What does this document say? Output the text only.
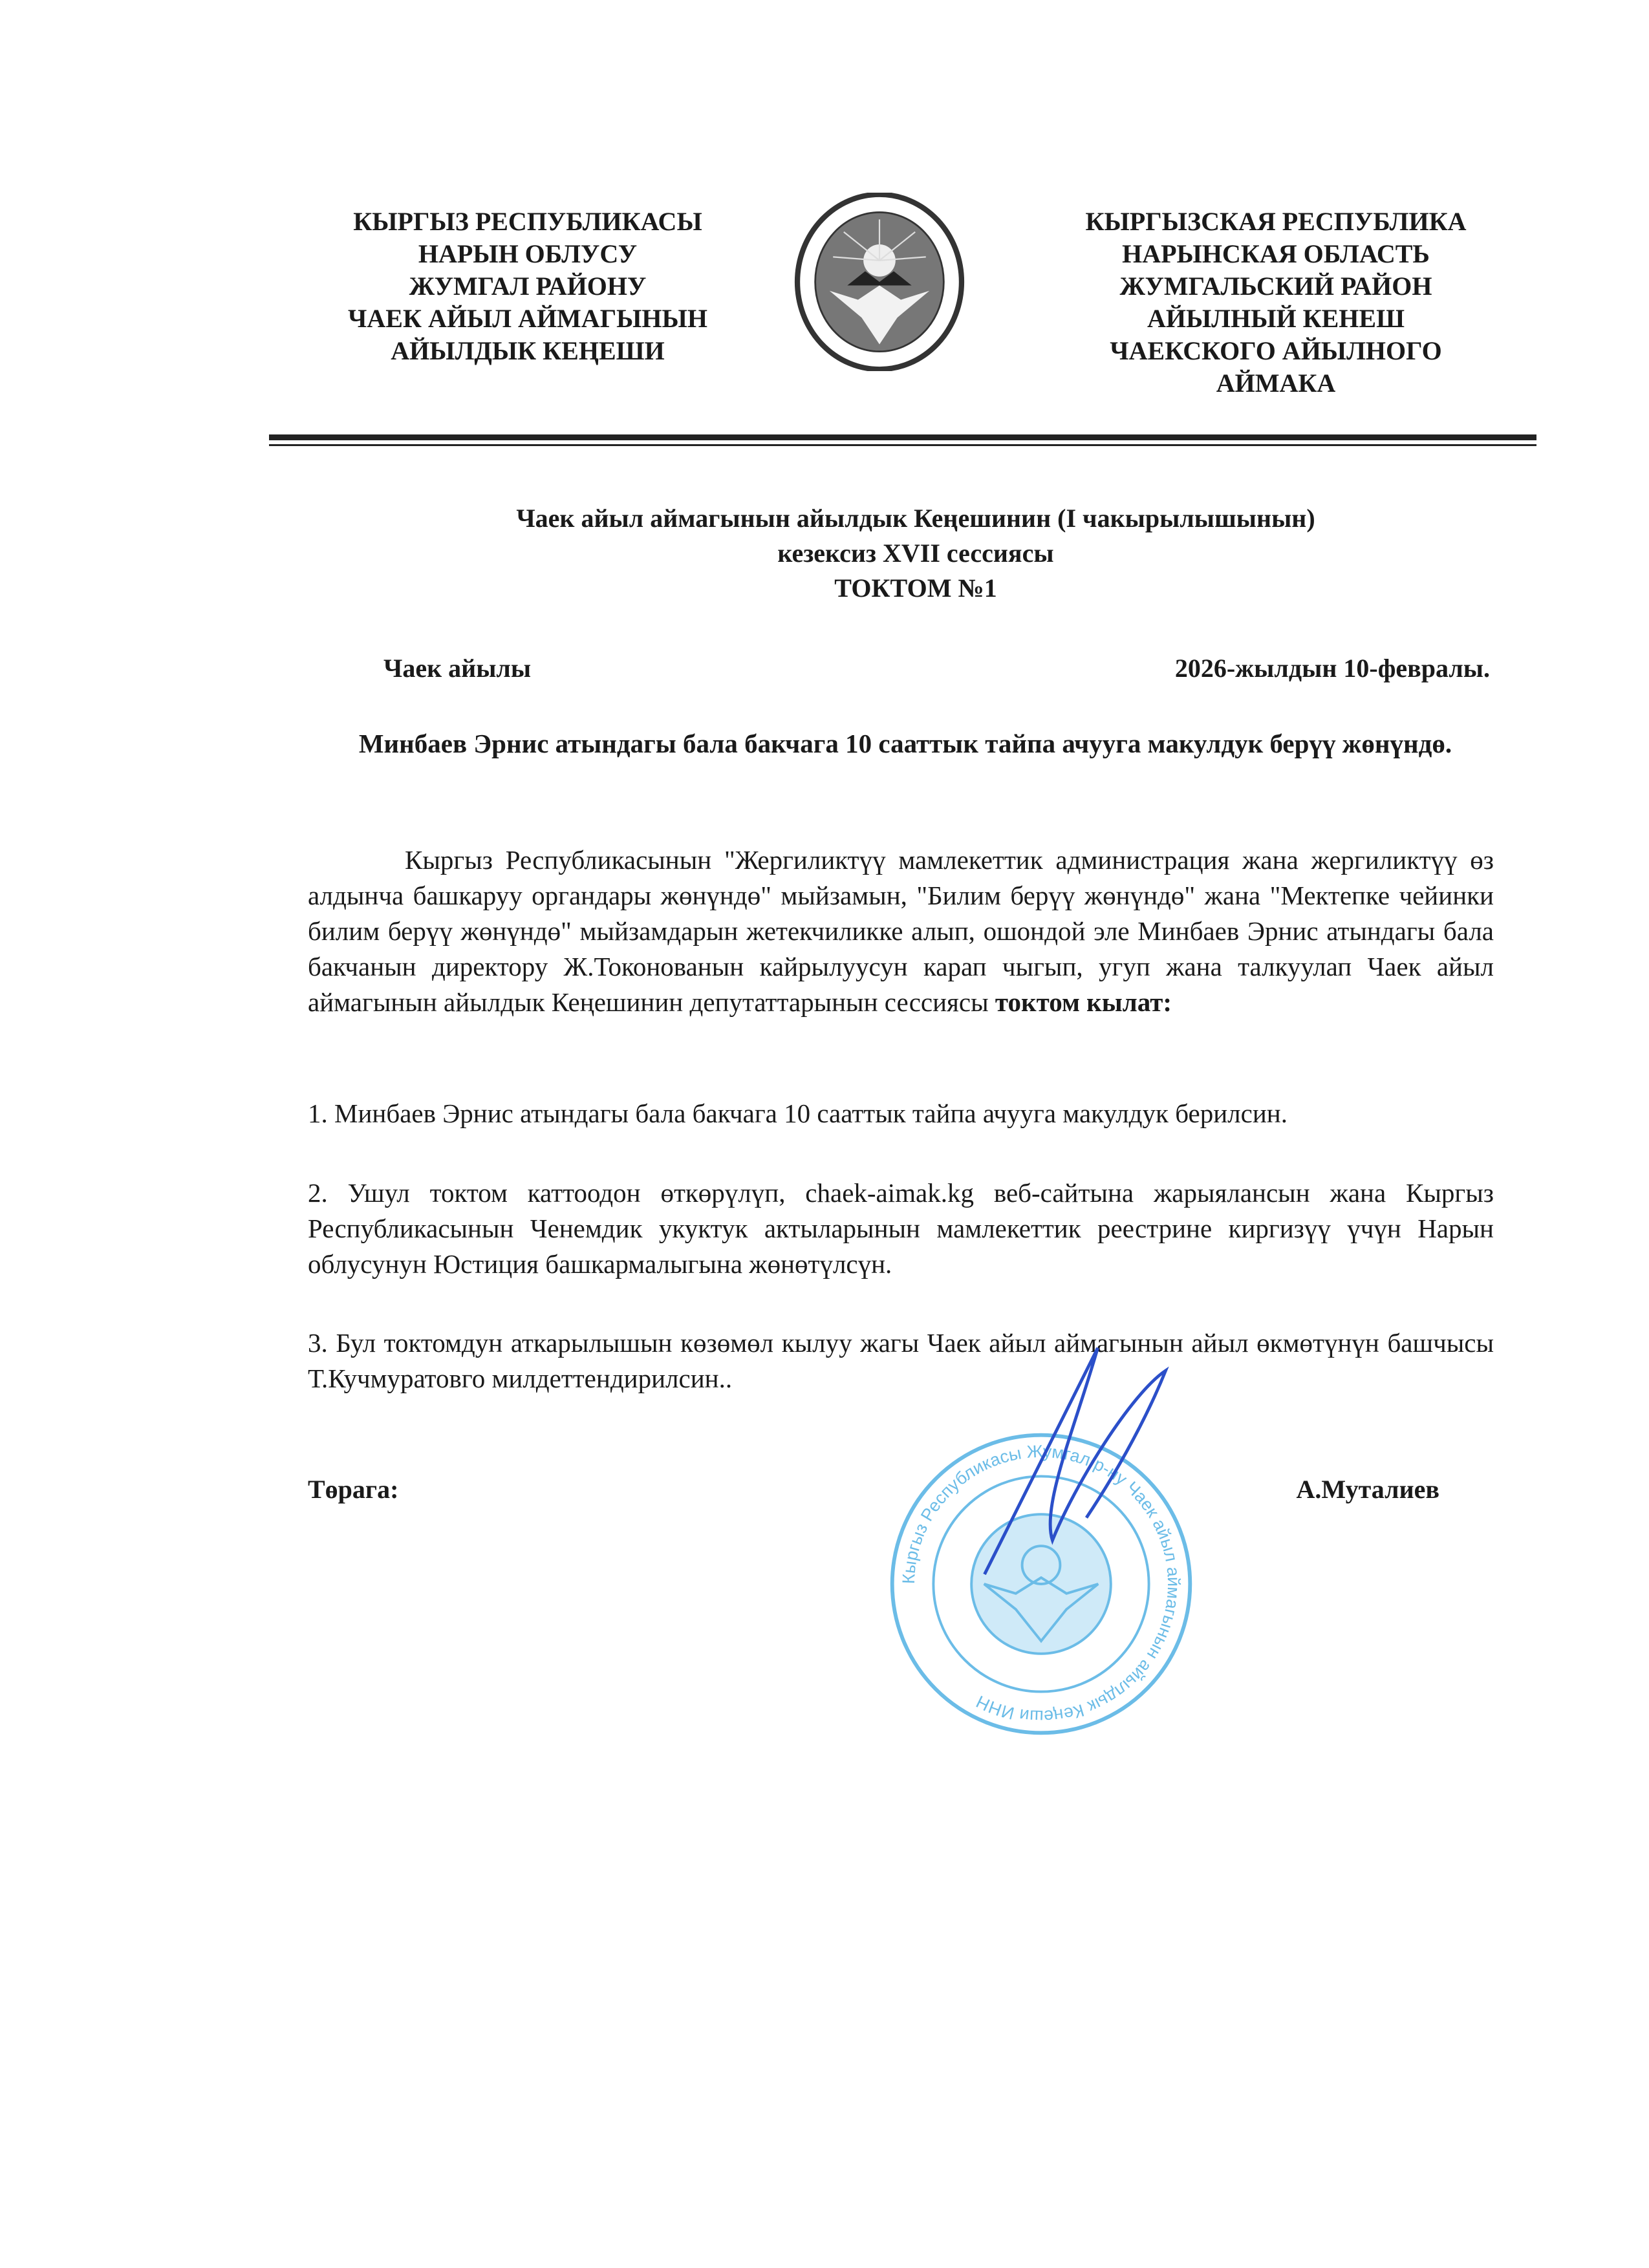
КЫРГЫЗ РЕСПУБЛИКАСЫ
НАРЫН ОБЛУСУ
ЖУМГАЛ РАЙОНУ
ЧАЕК АЙЫЛ АЙМАГЫНЫН
АЙЫЛДЫК КЕҢЕШИ
КЫРГЫЗСКАЯ РЕСПУБЛИКА
НАРЫНСКАЯ ОБЛАСТЬ
ЖУМГАЛЬСКИЙ РАЙОН
АЙЫЛНЫЙ КЕНЕШ
ЧАЕКСКОГО АЙЫЛНОГО
АЙМАКА
Чаек айыл аймагынын айылдык Кеңешинин (I чакырылышынын)
кезексиз XVII сессиясы
ТОКТОМ №1
Чаек айылы	2026-жылдын 10-февралы.
Минбаев Эрнис атындагы бала бакчага 10 сааттык тайпа ачууга макулдук берүү жөнүндө.
Кыргыз Республикасынын "Жергиликтүү мамлекеттик администрация жана жергиликтүү өз алдынча башкаруу органдары жөнүндө" мыйзамын, "Билим берүү жөнүндө" жана "Мектепке чейинки билим берүү жөнүндө" мыйзамдарын жетекчиликке алып, ошондой эле Минбаев Эрнис атындагы бала бакчанын директору Ж.Токонованын кайрылуусун карап чыгып, угуп жана талкуулап Чаек айыл аймагынын айылдык Кеңешинин депутаттарынын сессиясы токтом кылат:
1. Минбаев Эрнис атындагы бала бакчага 10 сааттык тайпа ачууга макулдук берилсин.
2. Ушул токтом каттоодон өткөрүлүп, chaek-aimak.kg веб-сайтына жарыялансын жана Кыргыз Республикасынын Ченемдик укуктук актыларынын мамлекеттик реестрине киргизүү үчүн Нарын облусунун Юстиция башкармалыгына жөнөтүлсүн.
3. Бул токтомдун аткарылышын көзөмөл кылуу жагы Чаек айыл аймагынын айыл өкмөтүнүн башчысы Т.Кучмуратовго милдеттендирилсин..
Кыргыз Республикасы Жумгал р-ну Чаек айыл аймагынын айылдык Кеңеши ИНН
Төрага:	А.Муталиев
